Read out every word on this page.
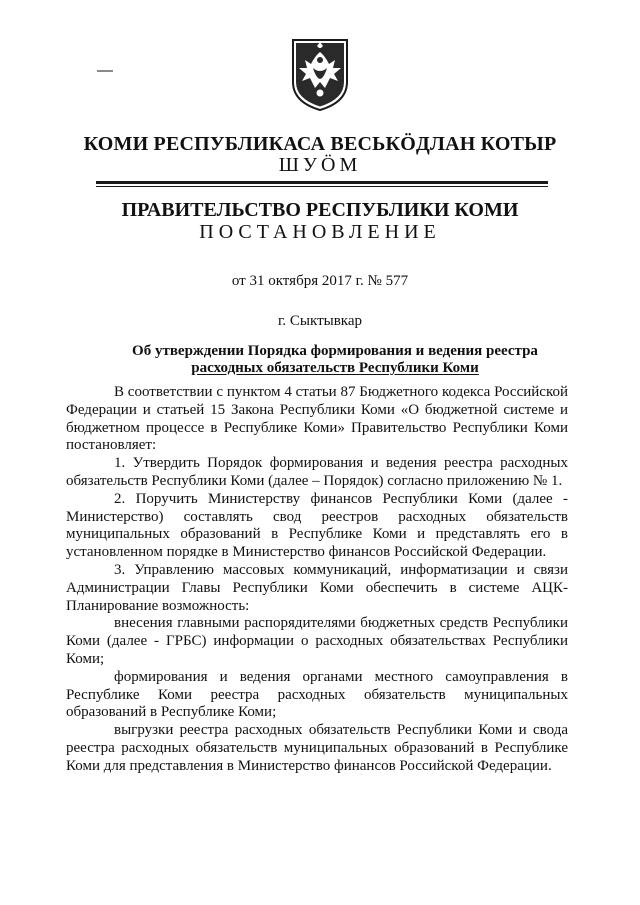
КОМИ РЕСПУБЛИКАСА ВЕСЬКӦДЛАН КОТЫР
ШУӦМ
ПРАВИТЕЛЬСТВО РЕСПУБЛИКИ КОМИ
ПОСТАНОВЛЕНИЕ
от 31 октября 2017 г. № 577
г. Сыктывкар
Об утверждении Порядка формирования и ведения реестра
расходных обязательств Республики Коми

В соответствии с пунктом 4 статьи 87 Бюджетного кодекса Российской Федерации и статьей 15 Закона Республики Коми «О бюджетной системе и бюджетном процессе в Республике Коми» Правительство Республики Коми постановляет:

1. Утвердить Порядок формирования и ведения реестра расходных обязательств Республики Коми (далее – Порядок) согласно приложению № 1.

2. Поручить Министерству финансов Республики Коми (далее - Министерство) составлять свод реестров расходных обязательств муниципальных образований в Республике Коми и представлять его в установленном порядке в Министерство финансов Российской Федерации.

3. Управлению массовых коммуникаций, информатизации и связи Администрации Главы Республики Коми обеспечить в системе АЦК-Планирование возможность:

внесения главными распорядителями бюджетных средств Республики Коми (далее - ГРБС) информации о расходных обязательствах Республики Коми;

формирования и ведения органами местного самоуправления в Республике Коми реестра расходных обязательств муниципальных образований в Республике Коми;

выгрузки реестра расходных обязательств Республики Коми и свода реестра расходных обязательств муниципальных образований в Республике Коми для представления в Министерство финансов Российской Федерации.
